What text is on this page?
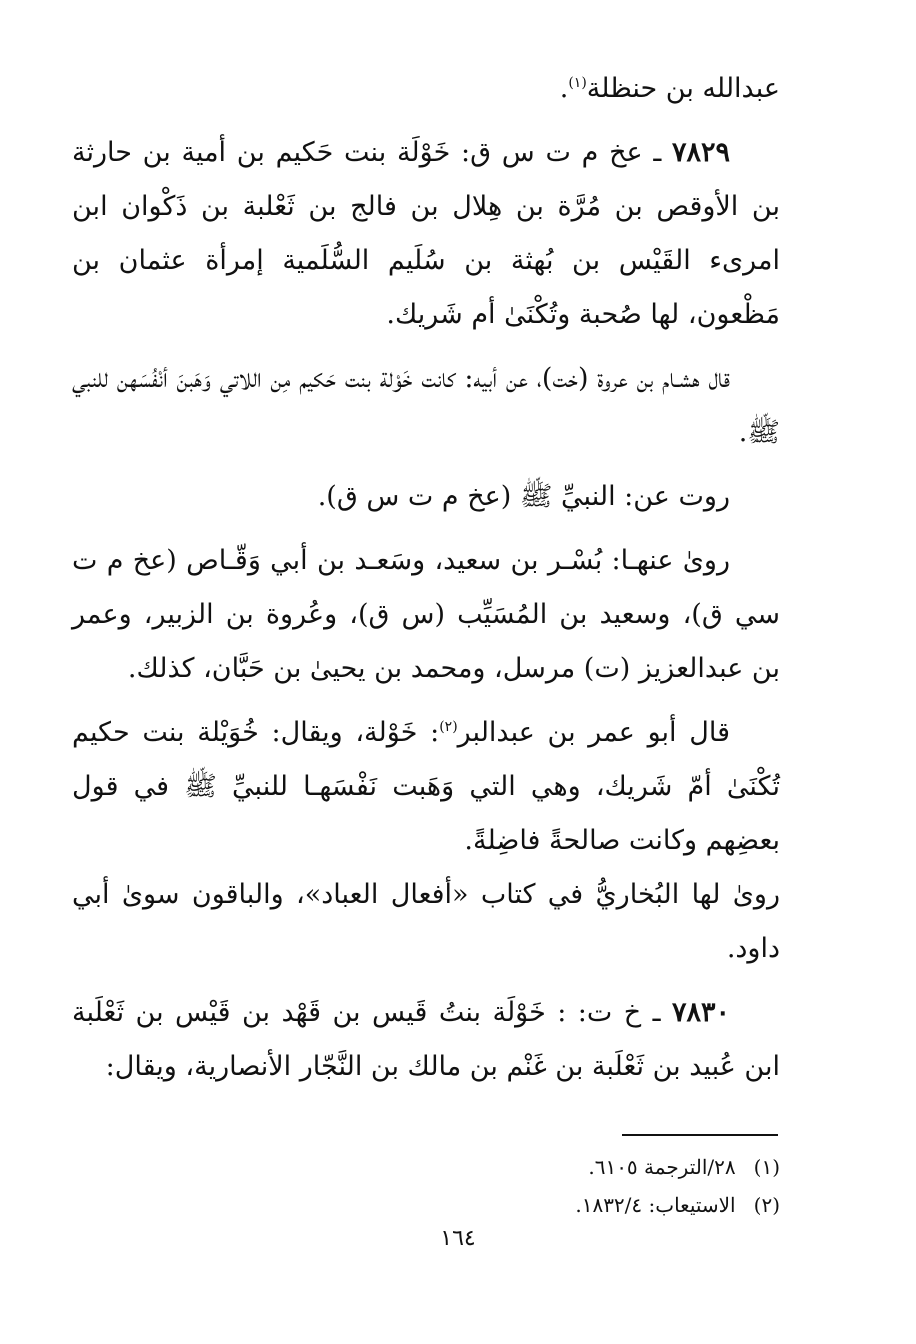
عبدالله بن حنظلة$^{(١)}$.

٧٨٢٩ ـ عخ م ت س ق: خَوْلَة بنت حَكيم بن أمية بن حارثة بن الأوقص بن مُرَّة بن هِلال بن فالج بن ثَعْلبة بن ذَكْوان ابن امرىء القَيْس بن بُهثة بن سُلَيم السُّلَمية إمرأة عثمان بن مَظْعون، لها صُحبة وتُكْنَىٰ أم شَريك.

قال هشـام بن عروة (خت)، عن أبيه: كانت خَوْلة بنت حَكيم مِن اللاتي وَهَبنَ أنْفُسَهن للنبي ﷺ.

روت عن: النبيِّ ﷺ (عخ م ت س ق).

روىٰ عنهـا: بُسْـر بن سعيد، وسَعـد بن أبي وَقّـاص (عخ م ت سي ق)، وسعيد بن المُسَيِّب (س ق)، وعُروة بن الزبير، وعمر بن عبدالعزيز (ت) مرسل، ومحمد بن يحيىٰ بن حَبَّان، كذلك.

قال أبو عمر بن عبدالبر$^{(٢)}$: خَوْلة، ويقال: خُوَيْلة بنت حكيم تُكْنَىٰ أمّ شَريك، وهي التي وَهَبت نَفْسَهـا للنبيِّ ﷺ في قول بعضِهم وكانت صالحةً فاضِلةً.

روىٰ لها البُخاريُّ في كتاب «أفعال العباد»، والباقون سوىٰ أبي داود.

٧٨٣٠ ـ خ ت: : خَوْلَة بنتُ قَيس بن قَهْد بن قَيْس بن ثَعْلَبة ابن عُبيد بن ثَعْلَبة بن غَنْم بن مالك بن النَّجّار الأنصارية، ويقال:

(١)٢٨/الترجمة ٦١٠٥.

(٢)الاستيعاب: ١٨٣٢/٤.

١٦٤
